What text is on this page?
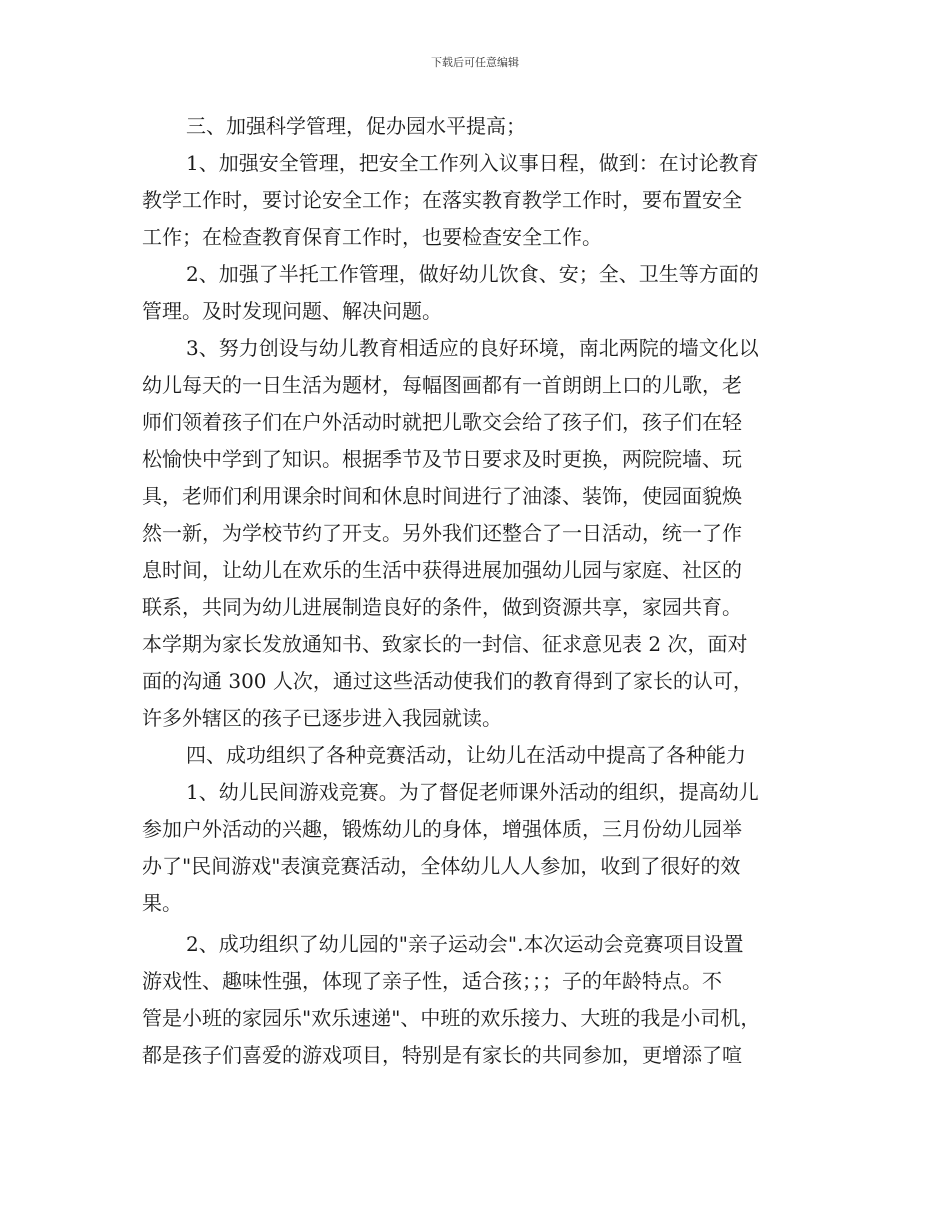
下载后可任意编辑
三、加强科学管理，促办园水平提高；
1、加强安全管理，把安全工作列入议事日程，做到：在讨论教育
教学工作时，要讨论安全工作；在落实教育教学工作时，要布置安全
工作；在检查教育保育工作时，也要检查安全工作。
2、加强了半托工作管理，做好幼儿饮食、安；全、卫生等方面的
管理。及时发现问题、解决问题。
3、努力创设与幼儿教育相适应的良好环境，南北两院的墙文化以
幼儿每天的一日生活为题材，每幅图画都有一首朗朗上口的儿歌，老
师们领着孩子们在户外活动时就把儿歌交会给了孩子们，孩子们在轻
松愉快中学到了知识。根据季节及节日要求及时更换，两院院墙、玩
具，老师们利用课余时间和休息时间进行了油漆、装饰，使园面貌焕
然一新，为学校节约了开支。另外我们还整合了一日活动，统一了作
息时间，让幼儿在欢乐的生活中获得进展加强幼儿园与家庭、社区的
联系，共同为幼儿进展制造良好的条件，做到资源共享，家园共育。
本学期为家长发放通知书、致家长的一封信、征求意见表 2 次，面对
面的沟通 300 人次，通过这些活动使我们的教育得到了家长的认可，
许多外辖区的孩子已逐步进入我园就读。
四、成功组织了各种竞赛活动，让幼儿在活动中提高了各种能力
1、幼儿民间游戏竞赛。为了督促老师课外活动的组织，提高幼儿
参加户外活动的兴趣，锻炼幼儿的身体，增强体质，三月份幼儿园举
办了"民间游戏"表演竞赛活动，全体幼儿人人参加，收到了很好的效
果。
2、成功组织了幼儿园的"亲子运动会".本次运动会竞赛项目设置
游戏性、趣味性强，体现了亲子性，适合孩；；；子的年龄特点。不
管是小班的家园乐"欢乐速递"、中班的欢乐接力、大班的我是小司机，
都是孩子们喜爱的游戏项目，特别是有家长的共同参加，更增添了喧
